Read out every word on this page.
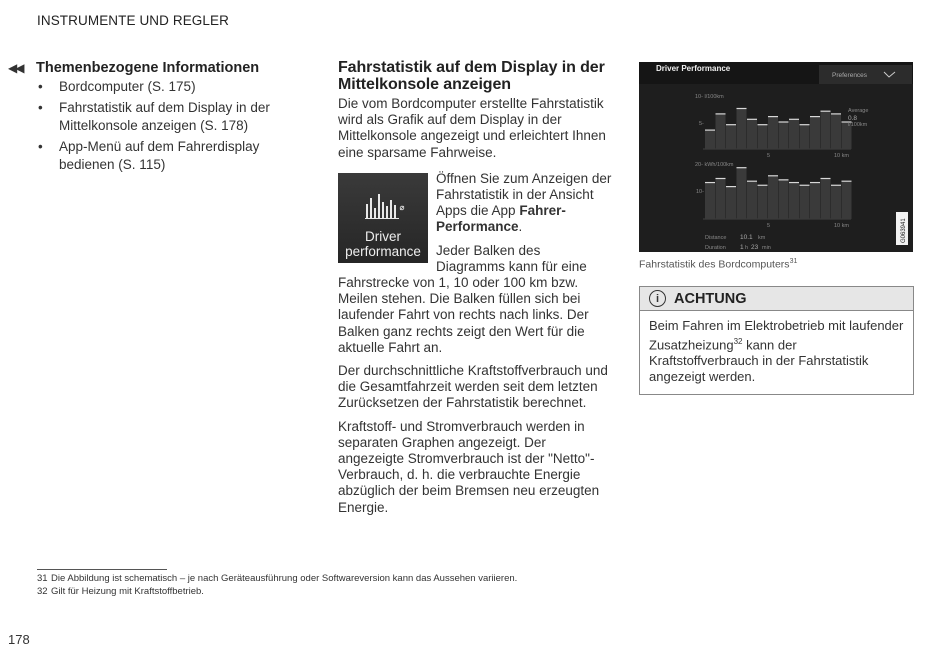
INSTRUMENTE UND REGLER
◀◀ Themenbezogene Informationen
• Bordcomputer (S. 175)
• Fahrstatistik auf dem Display in der Mittelkonsole anzeigen (S. 178)
• App-Menü auf dem Fahrerdisplay bedienen (S. 115)
Fahrstatistik auf dem Display in der Mittelkonsole anzeigen

Die vom Bordcomputer erstellte Fahrstatistik wird als Grafik auf dem Display in der Mittelkonsole angezeigt und erleichtert Ihnen eine sparsame Fahrweise.

Driver performance

Öffnen Sie zum Anzeigen der Fahrstatistik in der Ansicht Apps die App Fahrer-Performance.

Jeder Balken des Diagramms kann für eine Fahrstrecke von 1, 10 oder 100 km bzw. Meilen stehen. Die Balken füllen sich bei laufender Fahrt von rechts nach links. Der Balken ganz rechts zeigt den Wert für die aktuelle Fahrt an.

Der durchschnittliche Kraftstoffverbrauch und die Gesamtfahrzeit werden seit dem letzten Zurücksetzen der Fahrstatistik berechnet.

Kraftstoff- und Stromverbrauch werden in separaten Graphen angezeigt. Der angezeigte Stromverbrauch ist der "Netto"-Verbrauch, d. h. die verbrauchte Energie abzüglich der beim Bremsen neu erzeugten Energie.

Driver Performance
Preferences
10- l/100km
5-
5	10 km
Average
0.8
l/100km
20- kWh/100km
10-
5	10 km
Distance 10.1 km
Duration 1 h 23 min
G063941
Fahrstatistik des Bordcomputers$^{31}$
i	ACHTUNG
Beim Fahren im Elektrobetrieb mit laufender Zusatzheizung$^{32}$ kann der Kraftstoffverbrauch in der Fahrstatistik angezeigt werden.
31 Die Abbildung ist schematisch – je nach Geräteausführung oder Softwareversion kann das Aussehen variieren.
32 Gilt für Heizung mit Kraftstoffbetrieb.
178
